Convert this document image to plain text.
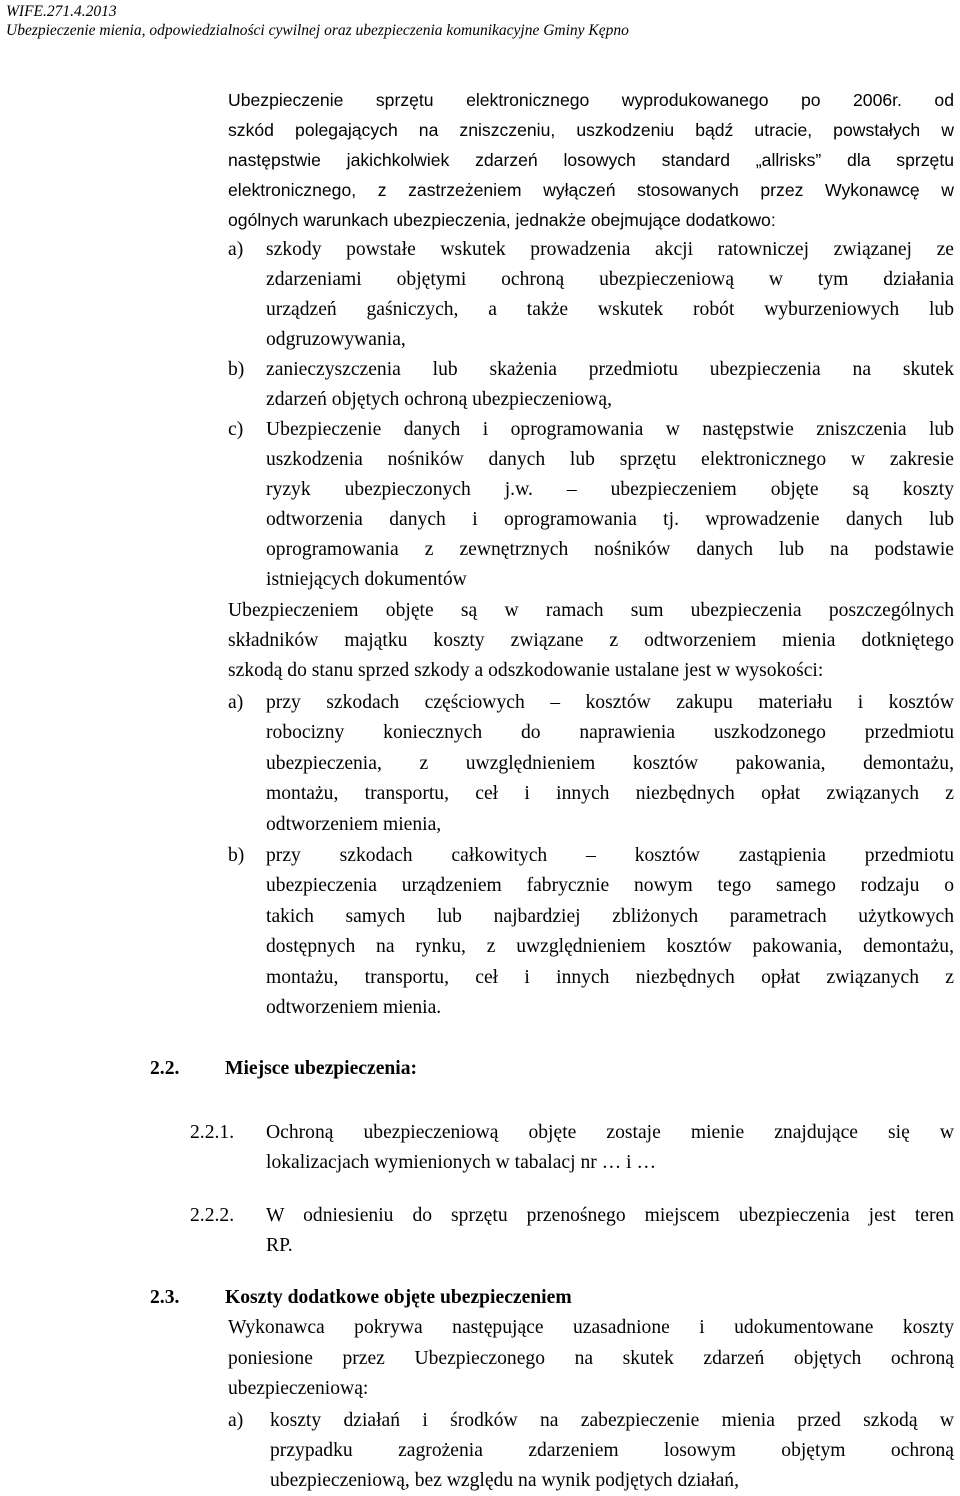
WIFE.271.4.2013
Ubezpieczenie mienia, odpowiedzialności cywilnej oraz ubezpieczenia komunikacyjne Gminy Kępno
Ubezpieczenie sprzętu elektronicznego wyprodukowanego po 2006r. od
szkód polegających na zniszczeniu, uszkodzeniu bądź utracie, powstałych w
następstwie jakichkolwiek zdarzeń losowych standard „allrisks” dla sprzętu
elektronicznego, z zastrzeżeniem wyłączeń stosowanych przez Wykonawcę w
ogólnych warunkach ubezpieczenia, jednakże obejmujące dodatkowo:
a) szkody powstałe wskutek prowadzenia akcji ratowniczej związanej ze
zdarzeniami objętymi ochroną ubezpieczeniową w tym działania
urządzeń gaśniczych, a także wskutek robót wyburzeniowych lub
odgruzowywania,
b) zanieczyszczenia lub skażenia przedmiotu ubezpieczenia na skutek
zdarzeń objętych ochroną ubezpieczeniową,
c) Ubezpieczenie danych i oprogramowania w następstwie zniszczenia lub
uszkodzenia nośników danych lub sprzętu elektronicznego w zakresie
ryzyk ubezpieczonych j.w. – ubezpieczeniem objęte są koszty
odtworzenia danych i oprogramowania tj. wprowadzenie danych lub
oprogramowania z zewnętrznych nośników danych lub na podstawie
istniejących dokumentów
Ubezpieczeniem objęte są w ramach sum ubezpieczenia poszczególnych
składników majątku koszty związane z odtworzeniem mienia dotkniętego
szkodą do stanu sprzed szkody a odszkodowanie ustalane jest w wysokości:
a) przy szkodach częściowych – kosztów zakupu materiału i kosztów
robocizny koniecznych do naprawienia uszkodzonego przedmiotu
ubezpieczenia, z uwzględnieniem kosztów pakowania, demontażu,
montażu, transportu, ceł i innych niezbędnych opłat związanych z
odtworzeniem mienia,
b) przy szkodach całkowitych – kosztów zastąpienia przedmiotu
ubezpieczenia urządzeniem fabrycznie nowym tego samego rodzaju o
takich samych lub najbardziej zbliżonych parametrach użytkowych
dostępnych na rynku, z uwzględnieniem kosztów pakowania, demontażu,
montażu, transportu, ceł i innych niezbędnych opłat związanych z
odtworzeniem mienia.
2.2. Miejsce ubezpieczenia:
2.2.1. Ochroną ubezpieczeniową objęte zostaje mienie znajdujące się w
lokalizacjach wymienionych w tabalacj nr … i …
2.2.2. W odniesieniu do sprzętu przenośnego miejscem ubezpieczenia jest teren
RP.
2.3. Koszty dodatkowe objęte ubezpieczeniem
Wykonawca pokrywa następujące uzasadnione i udokumentowane koszty
poniesione przez Ubezpieczonego na skutek zdarzeń objętych ochroną
ubezpieczeniową:
a) koszty działań i środków na zabezpieczenie mienia przed szkodą w
przypadku zagrożenia zdarzeniem losowym objętym ochroną
ubezpieczeniową, bez względu na wynik podjętych działań,
